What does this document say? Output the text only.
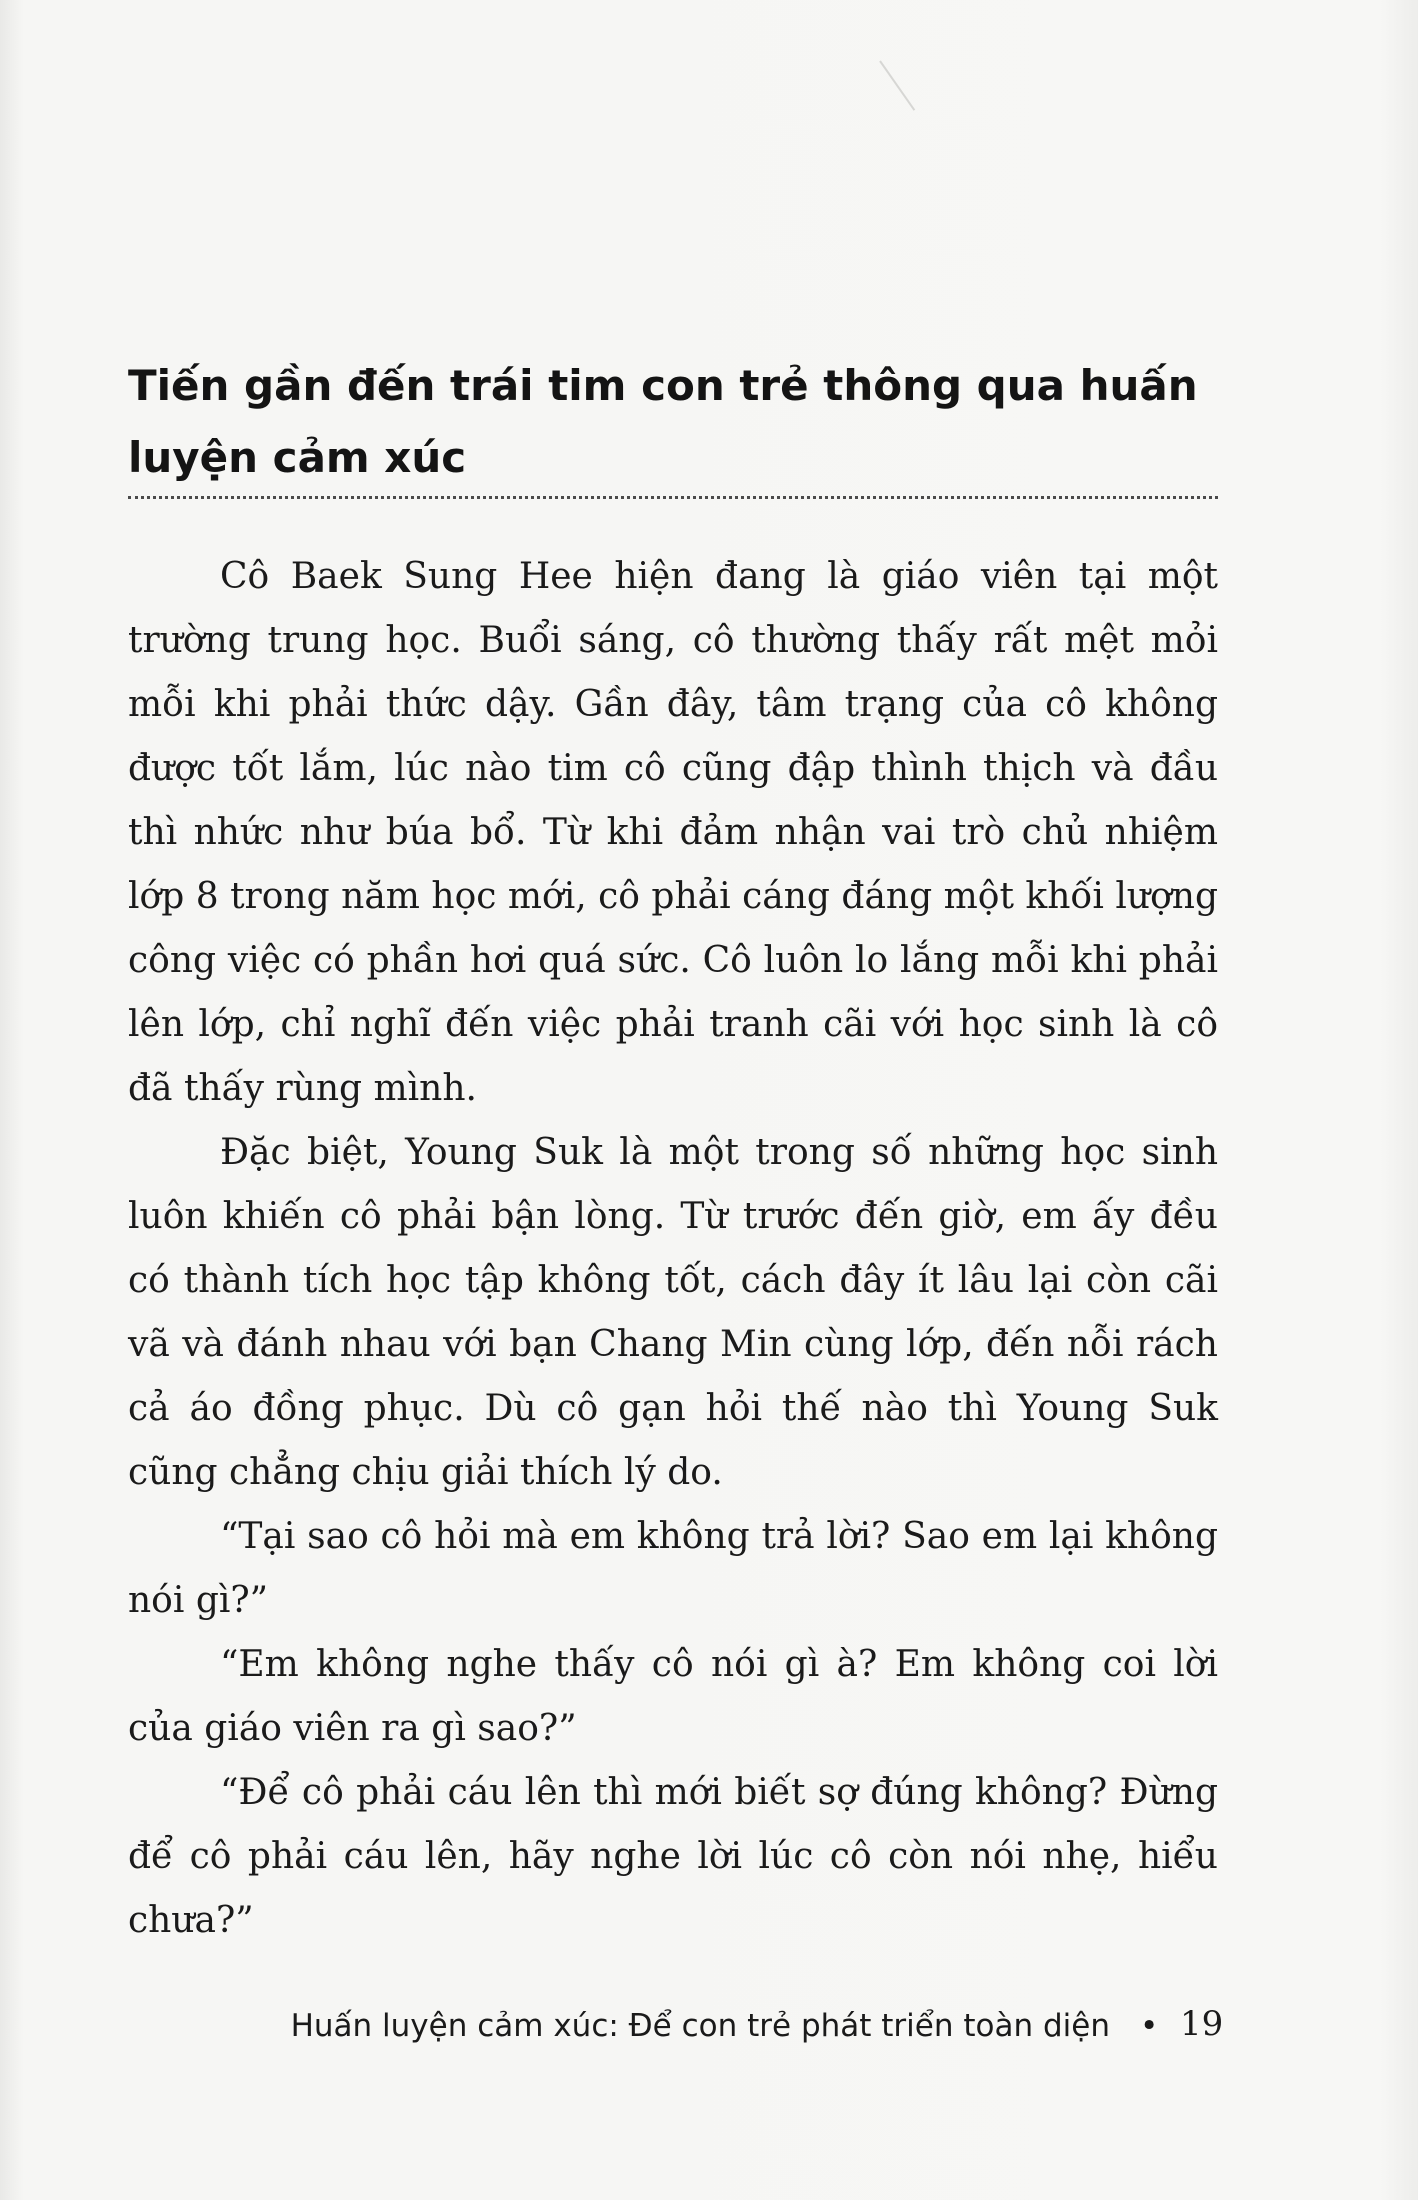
Tiến gần đến trái tim con trẻ thông qua huấn luyện cảm xúc

Cô Baek Sung Hee hiện đang là giáo viên tại một trường trung học. Buổi sáng, cô thường thấy rất mệt mỏi mỗi khi phải thức dậy. Gần đây, tâm trạng của cô không được tốt lắm, lúc nào tim cô cũng đập thình thịch và đầu thì nhức như búa bổ. Từ khi đảm nhận vai trò chủ nhiệm lớp 8 trong năm học mới, cô phải cáng đáng một khối lượng công việc có phần hơi quá sức. Cô luôn lo lắng mỗi khi phải lên lớp, chỉ nghĩ đến việc phải tranh cãi với học sinh là cô đã thấy rùng mình.

Đặc biệt, Young Suk là một trong số những học sinh luôn khiến cô phải bận lòng. Từ trước đến giờ, em ấy đều có thành tích học tập không tốt, cách đây ít lâu lại còn cãi vã và đánh nhau với bạn Chang Min cùng lớp, đến nỗi rách cả áo đồng phục. Dù cô gạn hỏi thế nào thì Young Suk cũng chẳng chịu giải thích lý do.

“Tại sao cô hỏi mà em không trả lời? Sao em lại không nói gì?”

“Em không nghe thấy cô nói gì à? Em không coi lời của giáo viên ra gì sao?”

“Để cô phải cáu lên thì mới biết sợ đúng không? Đừng để cô phải cáu lên, hãy nghe lời lúc cô còn nói nhẹ, hiểu chưa?”

Huấn luyện cảm xúc: Để con trẻ phát triển toàn diện • 19
